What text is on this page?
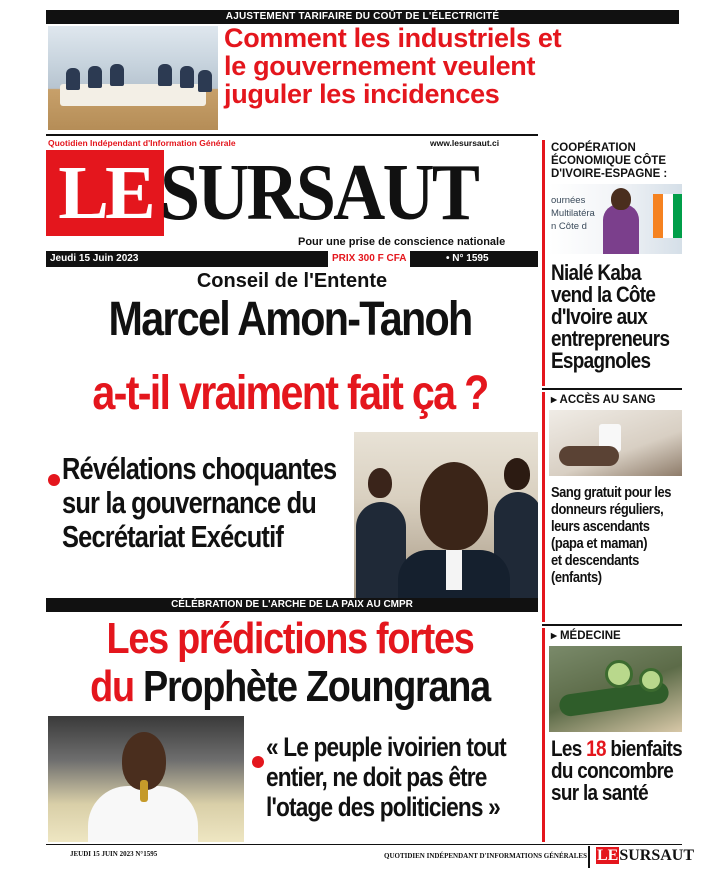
AJUSTEMENT TARIFAIRE DU COÛT DE L'ÉLECTRICITÉ
Comment les industriels et
le gouvernement veulent
juguler les incidences
Quotidien Indépendant d'Information Générale	www.lesursaut.ci
LE SURSAUT
Pour une prise de conscience nationale
Jeudi 15 Juin 2023	PRIX 300 F CFA	• N° 1595
Conseil de l'Entente
Marcel Amon-Tanoh
a-t-il vraiment fait ça ?
Révélations choquantes
sur la gouvernance du
Secrétariat Exécutif
CÉLÉBRATION DE L'ARCHE DE LA PAIX AU CMPR
Les prédictions fortes
du Prophète Zoungrana
« Le peuple ivoirien tout
entier, ne doit pas être
l'otage des politiciens »
COOPÉRATION
ÉCONOMIQUE CÔTE
D'IVOIRE-ESPAGNE :
ournées
Multilatéra
n Côte d
Nialé Kaba
vend la Côte
d'Ivoire aux
entrepreneurs
Espagnoles
▸ ACCÈS AU SANG
Sang gratuit pour les
donneurs réguliers,
leurs ascendants
(papa et maman)
et descendants
(enfants)
▸ MÉDECINE
Les 18 bienfaits
du concombre
sur la santé
JEUDI 15 JUIN 2023 N°1595	QUOTIDIEN INDÉPENDANT D'INFORMATIONS GÉNÉRALES LESURSAUT
